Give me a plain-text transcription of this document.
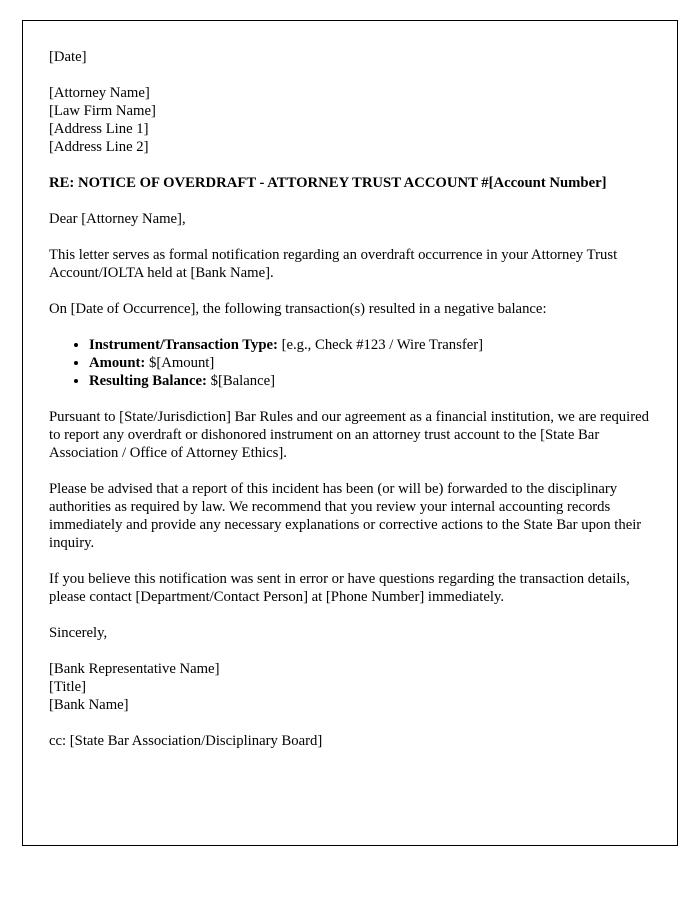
[Date]
[Attorney Name]
[Law Firm Name]
[Address Line 1]
[Address Line 2]
RE: NOTICE OF OVERDRAFT - ATTORNEY TRUST ACCOUNT #[Account Number]
Dear [Attorney Name],
This letter serves as formal notification regarding an overdraft occurrence in your Attorney Trust Account/IOLTA held at [Bank Name].
On [Date of Occurrence], the following transaction(s) resulted in a negative balance:
• Instrument/Transaction Type: [e.g., Check #123 / Wire Transfer]
• Amount: $[Amount]
• Resulting Balance: $[Balance]
Pursuant to [State/Jurisdiction] Bar Rules and our agreement as a financial institution, we are required to report any overdraft or dishonored instrument on an attorney trust account to the [State Bar Association / Office of Attorney Ethics].
Please be advised that a report of this incident has been (or will be) forwarded to the disciplinary authorities as required by law. We recommend that you review your internal accounting records immediately and provide any necessary explanations or corrective actions to the State Bar upon their inquiry.
If you believe this notification was sent in error or have questions regarding the transaction details, please contact [Department/Contact Person] at [Phone Number] immediately.
Sincerely,
[Bank Representative Name]
[Title]
[Bank Name]
cc: [State Bar Association/Disciplinary Board]
